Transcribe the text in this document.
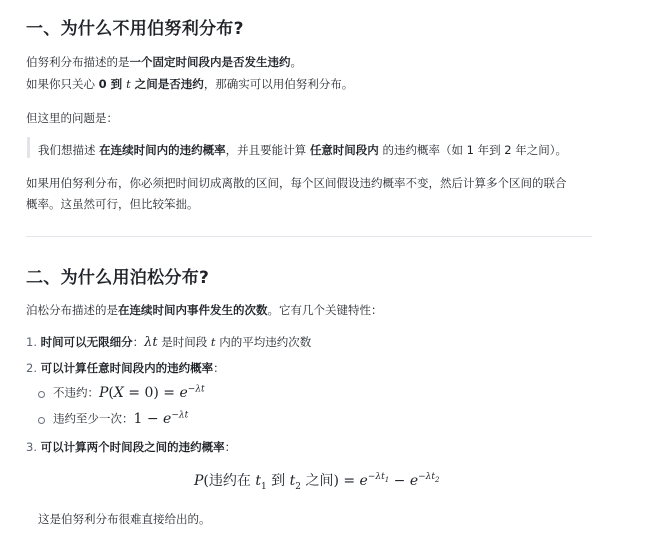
一、为什么不用伯努利分布?
伯努利分布描述的是一个固定时间段内是否发生违约。
如果你只关心 0 到 t 之间是否违约，那确实可以用伯努利分布。
但这里的问题是：
我们想描述 在连续时间内的违约概率，并且要能计算 任意时间段内 的违约概率（如 1 年到 2 年之间）。
如果用伯努利分布，你必须把时间切成离散的区间，每个区间假设违约概率不变，然后计算多个区间的联合
概率。这虽然可行，但比较笨拙。
二、为什么用泊松分布?
泊松分布描述的是在连续时间内事件发生的次数。它有几个关键特性：
1. 时间可以无限细分：λt 是时间段 t 内的平均违约次数
2. 可以计算任意时间段内的违约概率：
不违约：$P(X = 0) = e^{-\lambda t}$
违约至少一次：$1 - e^{-\lambda t}$
3. 可以计算两个时间段之间的违约概率：
P(违约在 $t_1$ 到 $t_2$ 之间) = $e^{-\lambda t_1} - e^{-\lambda t_2}$
这是伯努利分布很难直接给出的。
